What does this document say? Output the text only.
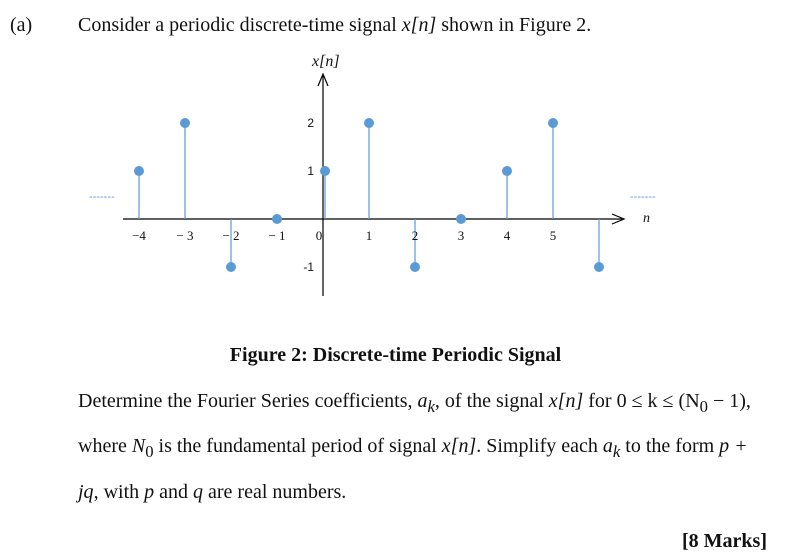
(a) Consider a periodic discrete-time signal x[n] shown in Figure 2.
-------	-------
x[n]
n
2
1
-1
−4 − 3 − 2 − 1 0	1	2	3	4	5
Figure 2: Discrete-time Periodic Signal
Determine the Fourier Series coefficients, $a_k$, of the signal x[n] for $0 \le k \le (N_0 - 1)$,
where $N_0$ is the fundamental period of signal x[n]. Simplify each $a_k$ to the form p +
jq, with p and q are real numbers.
[8 Marks]
